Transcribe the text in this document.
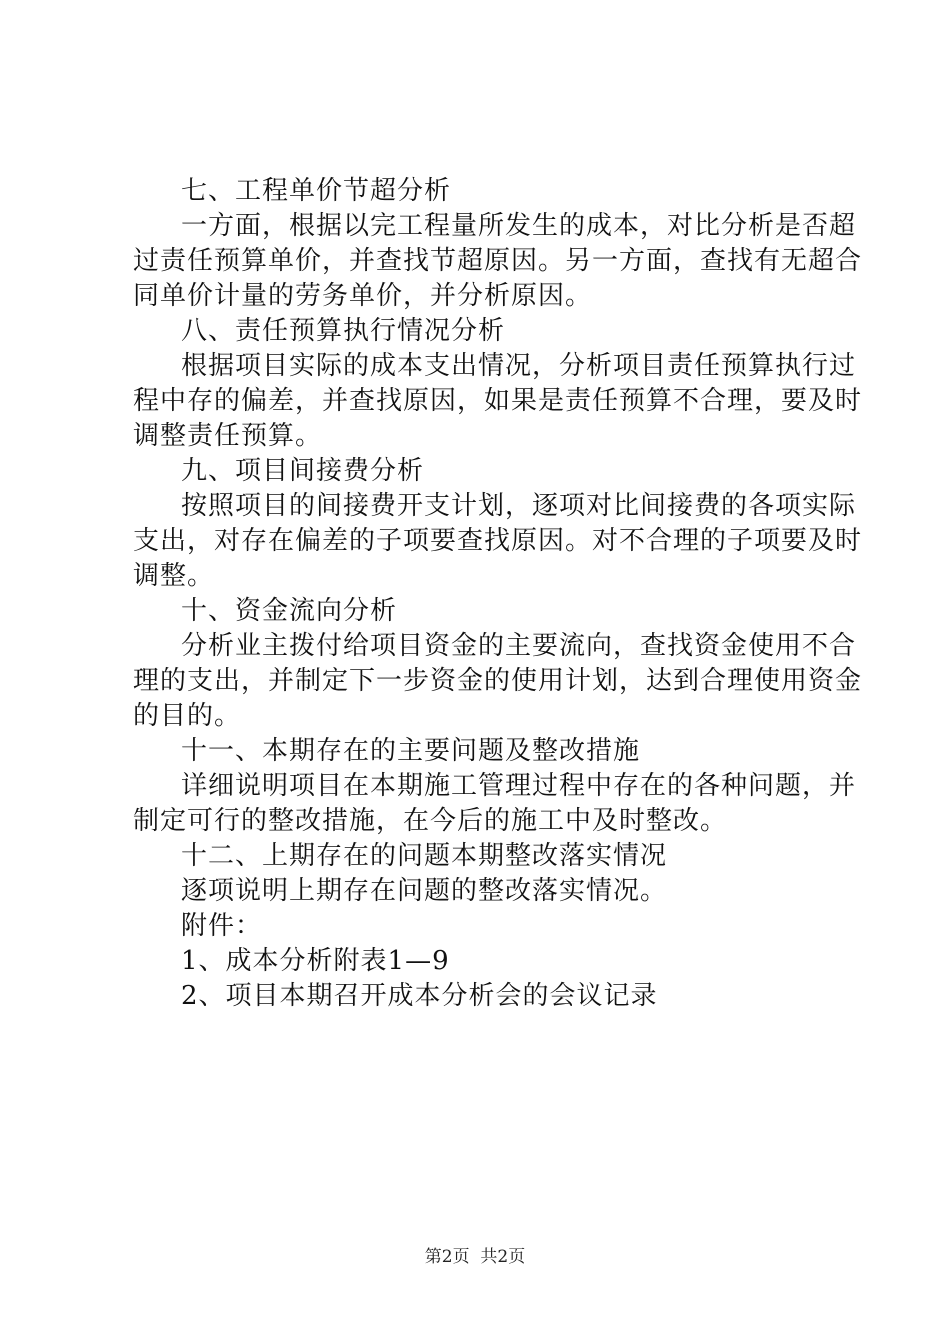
七、工程单价节超分析
一方面，根据以完工程量所发生的成本，对比分析是否超
过责任预算单价，并查找节超原因。另一方面，查找有无超合
同单价计量的劳务单价，并分析原因。
八、责任预算执行情况分析
根据项目实际的成本支出情况，分析项目责任预算执行过
程中存的偏差，并查找原因，如果是责任预算不合理，要及时
调整责任预算。
九、项目间接费分析
按照项目的间接费开支计划，逐项对比间接费的各项实际
支出，对存在偏差的子项要查找原因。对不合理的子项要及时
调整。
十、资金流向分析
分析业主拨付给项目资金的主要流向，查找资金使用不合
理的支出，并制定下一步资金的使用计划，达到合理使用资金
的目的。
十一、本期存在的主要问题及整改措施
详细说明项目在本期施工管理过程中存在的各种问题，并
制定可行的整改措施，在今后的施工中及时整改。
十二、上期存在的问题本期整改落实情况
逐项说明上期存在问题的整改落实情况。
附件：
1、成本分析附表1—9
2、项目本期召开成本分析会的会议记录
第2页  共2页
